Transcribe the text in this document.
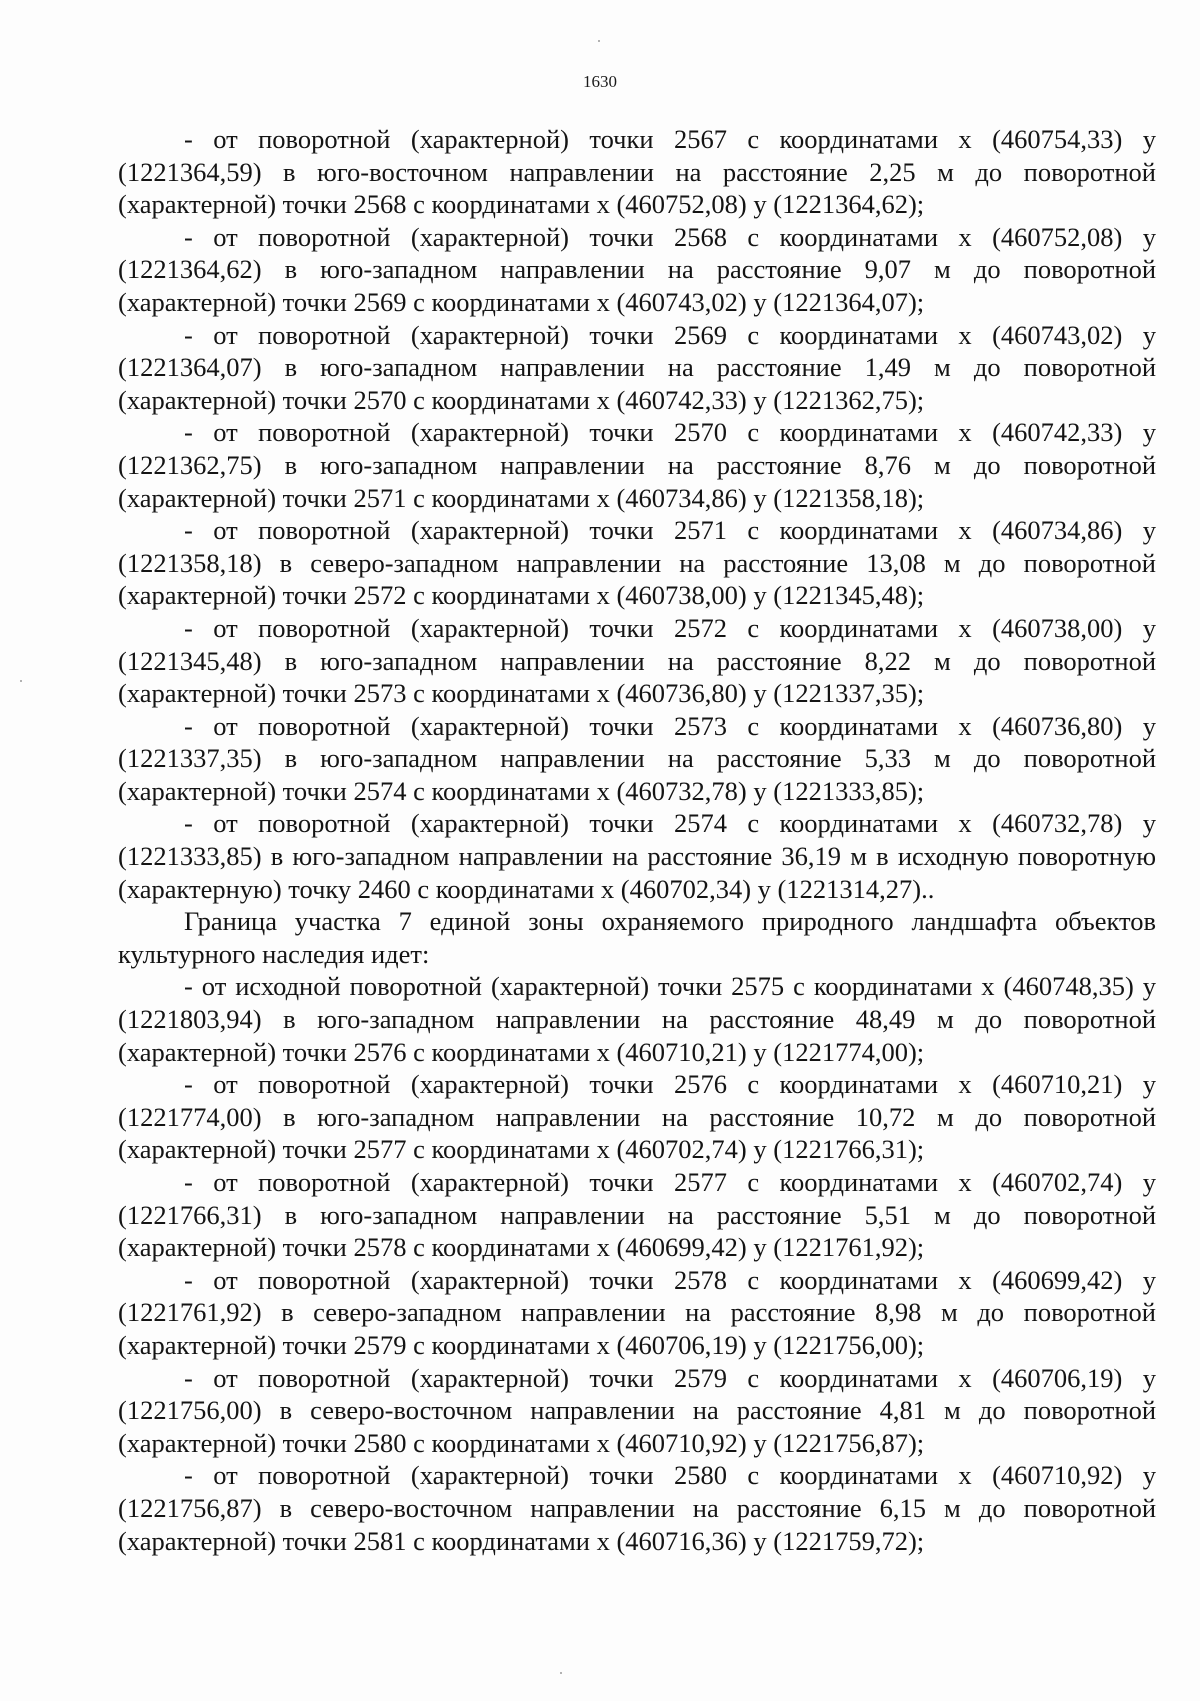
1630

- от поворотной (характерной) точки 2567 с координатами x (460754,33) y (1221364,59) в юго-восточном направлении на расстояние 2,25 м до поворотной (характерной) точки 2568 с координатами x (460752,08) y (1221364,62);

- от поворотной (характерной) точки 2568 с координатами x (460752,08) y (1221364,62) в юго-западном направлении на расстояние 9,07 м до поворотной (характерной) точки 2569 с координатами x (460743,02) y (1221364,07);

- от поворотной (характерной) точки 2569 с координатами x (460743,02) y (1221364,07) в юго-западном направлении на расстояние 1,49 м до поворотной (характерной) точки 2570 с координатами x (460742,33) y (1221362,75);

- от поворотной (характерной) точки 2570 с координатами x (460742,33) y (1221362,75) в юго-западном направлении на расстояние 8,76 м до поворотной (характерной) точки 2571 с координатами x (460734,86) y (1221358,18);

- от поворотной (характерной) точки 2571 с координатами x (460734,86) y (1221358,18) в северо-западном направлении на расстояние 13,08 м до поворотной (характерной) точки 2572 с координатами x (460738,00) y (1221345,48);

- от поворотной (характерной) точки 2572 с координатами x (460738,00) y (1221345,48) в юго-западном направлении на расстояние 8,22 м до поворотной (характерной) точки 2573 с координатами x (460736,80) y (1221337,35);

- от поворотной (характерной) точки 2573 с координатами x (460736,80) y (1221337,35) в юго-западном направлении на расстояние 5,33 м до поворотной (характерной) точки 2574 с координатами x (460732,78) y (1221333,85);

- от поворотной (характерной) точки 2574 с координатами x (460732,78) y (1221333,85) в юго-западном направлении на расстояние 36,19 м в исходную поворотную (характерную) точку 2460 с координатами x (460702,34) y (1221314,27)..

Граница участка 7 единой зоны охраняемого природного ландшафта объектов культурного наследия идет:

- от исходной поворотной (характерной) точки 2575 с координатами x (460748,35) y (1221803,94) в юго-западном направлении на расстояние 48,49 м до поворотной (характерной) точки 2576 с координатами x (460710,21) y (1221774,00);

- от поворотной (характерной) точки 2576 с координатами x (460710,21) y (1221774,00) в юго-западном направлении на расстояние 10,72 м до поворотной (характерной) точки 2577 с координатами x (460702,74) y (1221766,31);

- от поворотной (характерной) точки 2577 с координатами x (460702,74) y (1221766,31) в юго-западном направлении на расстояние 5,51 м до поворотной (характерной) точки 2578 с координатами x (460699,42) y (1221761,92);

- от поворотной (характерной) точки 2578 с координатами x (460699,42) y (1221761,92) в северо-западном направлении на расстояние 8,98 м до поворотной (характерной) точки 2579 с координатами x (460706,19) y (1221756,00);

- от поворотной (характерной) точки 2579 с координатами x (460706,19) y (1221756,00) в северо-восточном направлении на расстояние 4,81 м до поворотной (характерной) точки 2580 с координатами x (460710,92) y (1221756,87);

- от поворотной (характерной) точки 2580 с координатами x (460710,92) y (1221756,87) в северо-восточном направлении на расстояние 6,15 м до поворотной (характерной) точки 2581 с координатами x (460716,36) y (1221759,72);
